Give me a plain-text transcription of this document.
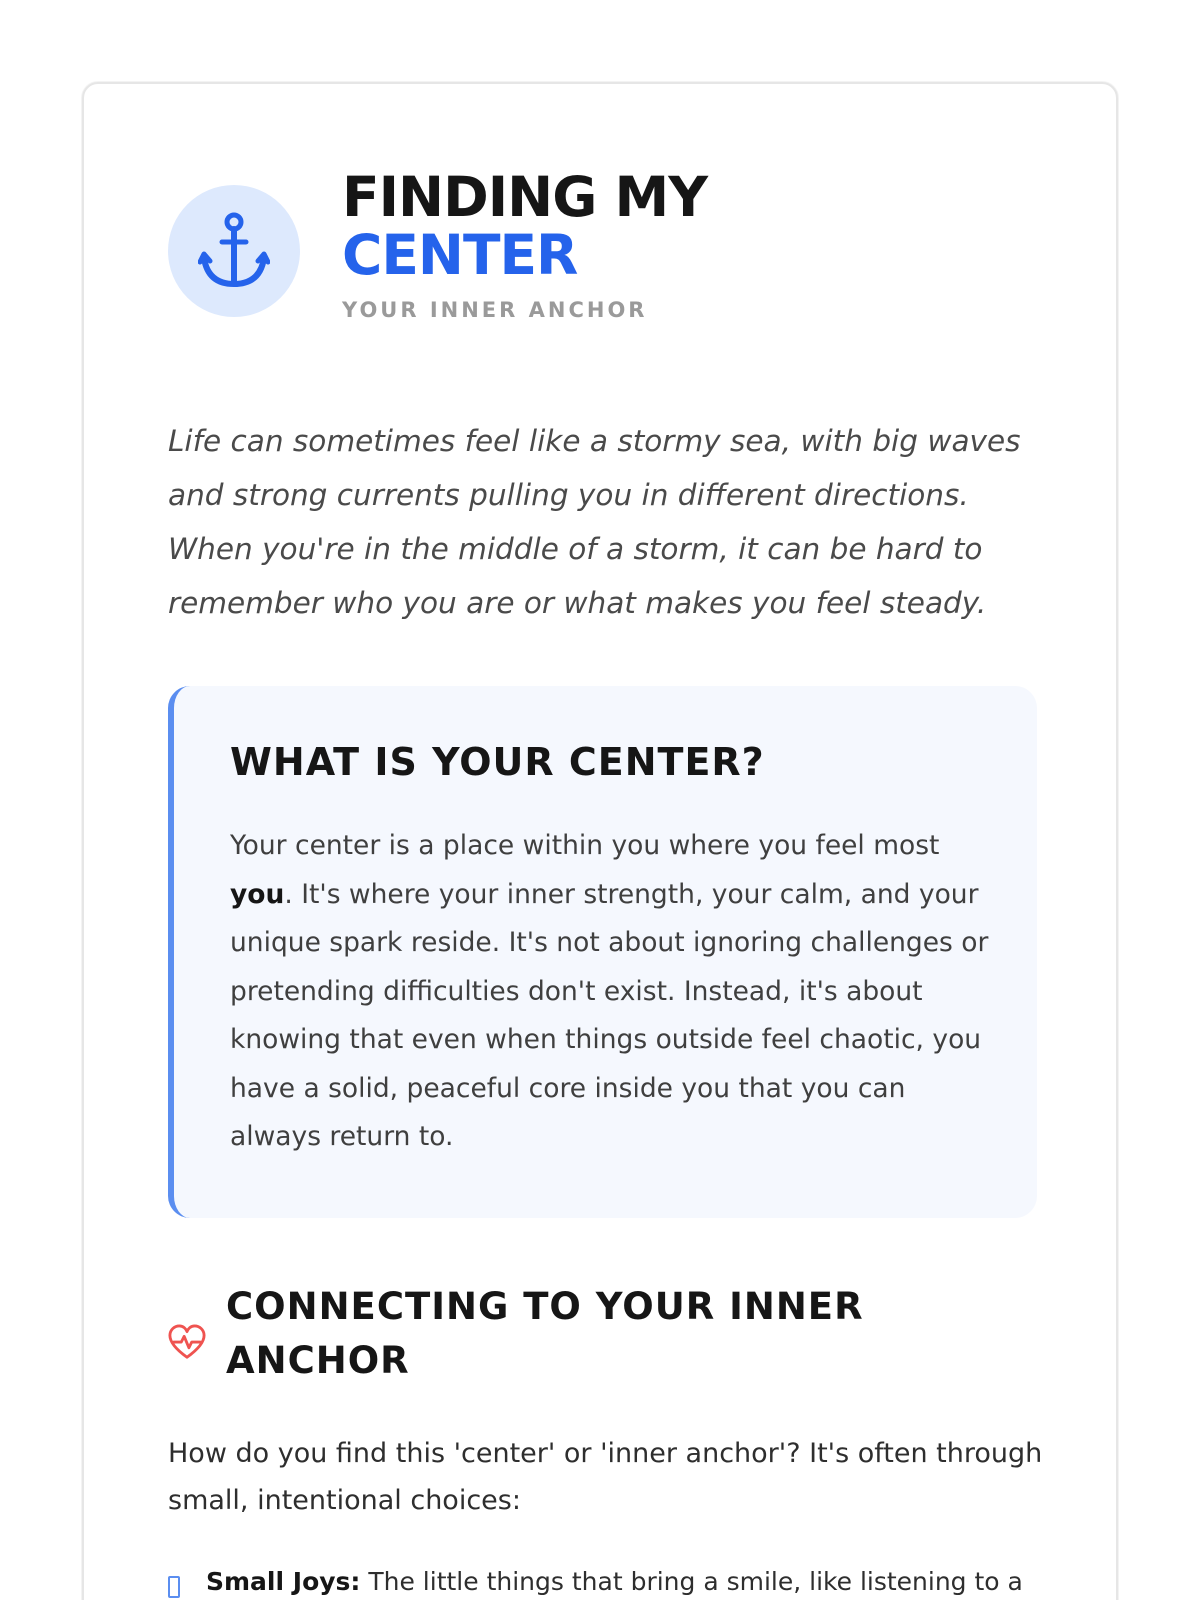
FINDING MY
CENTER
YOUR INNER ANCHOR

Life can sometimes feel like a stormy sea, with big waves and strong currents pulling you in different directions. When you're in the middle of a storm, it can be hard to remember who you are or what makes you feel steady.

WHAT IS YOUR CENTER?

Your center is a place within you where you feel most you. It's where your inner strength, your calm, and your unique spark reside. It's not about ignoring challenges or pretending difficulties don't exist. Instead, it's about knowing that even when things outside feel chaotic, you have a solid, peaceful core inside you that you can always return to.

CONNECTING TO YOUR INNER ANCHOR

How do you find this 'center' or 'inner anchor'? It's often through small, intentional choices:

Small Joys: The little things that bring a smile, like listening to a
